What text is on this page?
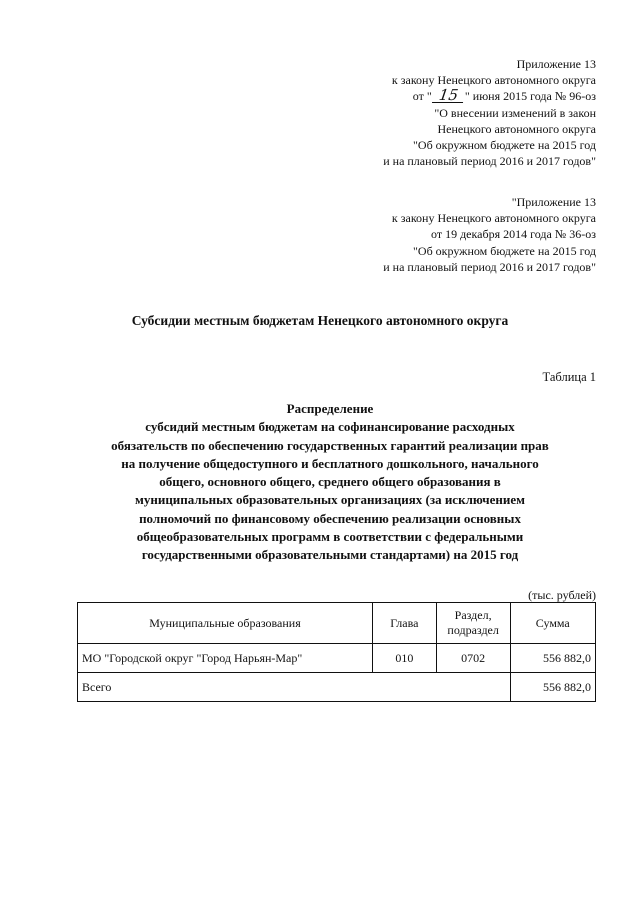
Приложение 13
к закону Ненецкого автономного округа
от " 15 " июня 2015 года № 96-оз
"О внесении изменений в закон
Ненецкого автономного округа
"Об окружном бюджете на 2015 год
и на плановый период 2016 и 2017 годов"
"Приложение 13
к закону Ненецкого автономного округа
от 19 декабря 2014 года № 36-оз
"Об окружном бюджете на 2015 год
и на плановый период 2016 и 2017 годов"
Субсидии местным бюджетам Ненецкого автономного округа
Таблица 1
Распределение
субсидий местным бюджетам на софинансирование расходных
обязательств по обеспечению государственных гарантий реализации прав
на получение общедоступного и бесплатного дошкольного, начального
общего, основного общего, среднего общего образования в
муниципальных образовательных организациях (за исключением
полномочий по финансовому обеспечению реализации основных
общеобразовательных программ в соответствии с федеральными
государственными образовательными стандартами) на 2015 год
(тыс. рублей)
Муниципальные образования	Глава	Раздел, подраздел	Сумма
МО "Городской округ "Город Нарьян-Мар"	010	0702	556 882,0
Всего			556 882,0
